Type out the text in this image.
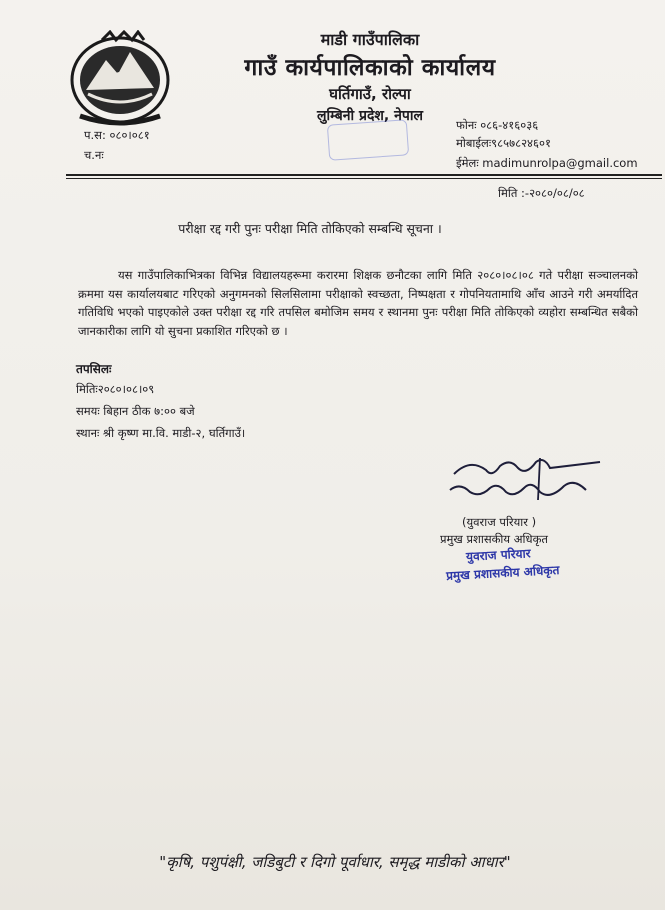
माडी गाउँपालिका
गाउँ कार्यपालिकाको कार्यालय
घर्तिगाउँ, रोल्पा
लुम्बिनी प्रदेश, नेपाल
प.स: ०८०।०८१
च.नः
फोनः ०८६-४१६०३६
मोबाईलः९८५७८२४६०१
ईमेलः madimunrolpa@gmail.com
मिति :-२०८०/०८/०८
परीक्षा रद्द गरी पुनः परीक्षा मिति तोकिएको सम्बन्धि सूचना ।
यस गाउँपालिकाभित्रका विभिन्न विद्यालयहरूमा करारमा शिक्षक छनौटका लागि मिति २०८०।०८।०८ गते परीक्षा सञ्चालनको क्रममा यस कार्यालयबाट गरिएको अनुगमनको सिलसिलामा परीक्षाको स्वच्छता, निष्पक्षता र गोपनियतामाथि आँच आउने गरी अमर्यादित गतिविधि भएको पाइएकोले उक्त परीक्षा रद्द गरि तपसिल बमोजिम समय र स्थानमा पुनः परीक्षा मिति तोकिएको व्यहोरा सम्बन्धित सबैको जानकारीका लागि यो सुचना प्रकाशित गरिएको छ ।
तपसिलः
मितिः२०८०।०८।०९
समयः बिहान ठीक ७:०० बजे
स्थानः श्री कृष्ण मा.वि. माडी-२, घर्तिगाउँ।
(युवराज परियार )
प्रमुख प्रशासकीय अधिकृत
युवराज परियार
प्रमुख प्रशासकीय अधिकृत
"कृषि, पशुपंक्षी, जडिबुटी र दिगो पूर्वाधार, समृद्ध माडीको आधार"
